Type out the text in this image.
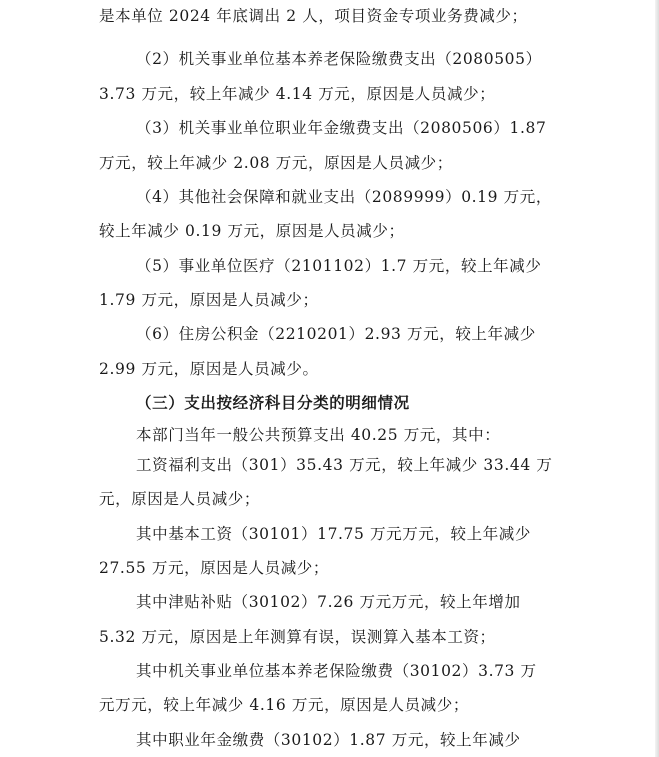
是本单位 2024 年底调出 2 人，项目资金专项业务费减少；
（2）机关事业单位基本养老保险缴费支出（2080505）
3.73 万元，较上年减少 4.14 万元，原因是人员减少；
（3）机关事业单位职业年金缴费支出（2080506）1.87
万元，较上年减少 2.08 万元，原因是人员减少；
（4）其他社会保障和就业支出（2089999）0.19 万元，
较上年减少 0.19 万元，原因是人员减少；
（5）事业单位医疗（2101102）1.7 万元，较上年减少
1.79 万元，原因是人员减少；
（6）住房公积金（2210201）2.93 万元，较上年减少
2.99 万元，原因是人员减少。
（三）支出按经济科目分类的明细情况
本部门当年一般公共预算支出 40.25 万元，其中：
工资福利支出（301）35.43 万元，较上年减少 33.44 万
元，原因是人员减少；
其中基本工资（30101）17.75 万元万元，较上年减少
27.55 万元，原因是人员减少；
其中津贴补贴（30102）7.26 万元万元，较上年增加
5.32 万元，原因是上年测算有误，误测算入基本工资；
其中机关事业单位基本养老保险缴费（30102）3.73 万
元万元，较上年减少 4.16 万元，原因是人员减少；
其中职业年金缴费（30102）1.87 万元，较上年减少
